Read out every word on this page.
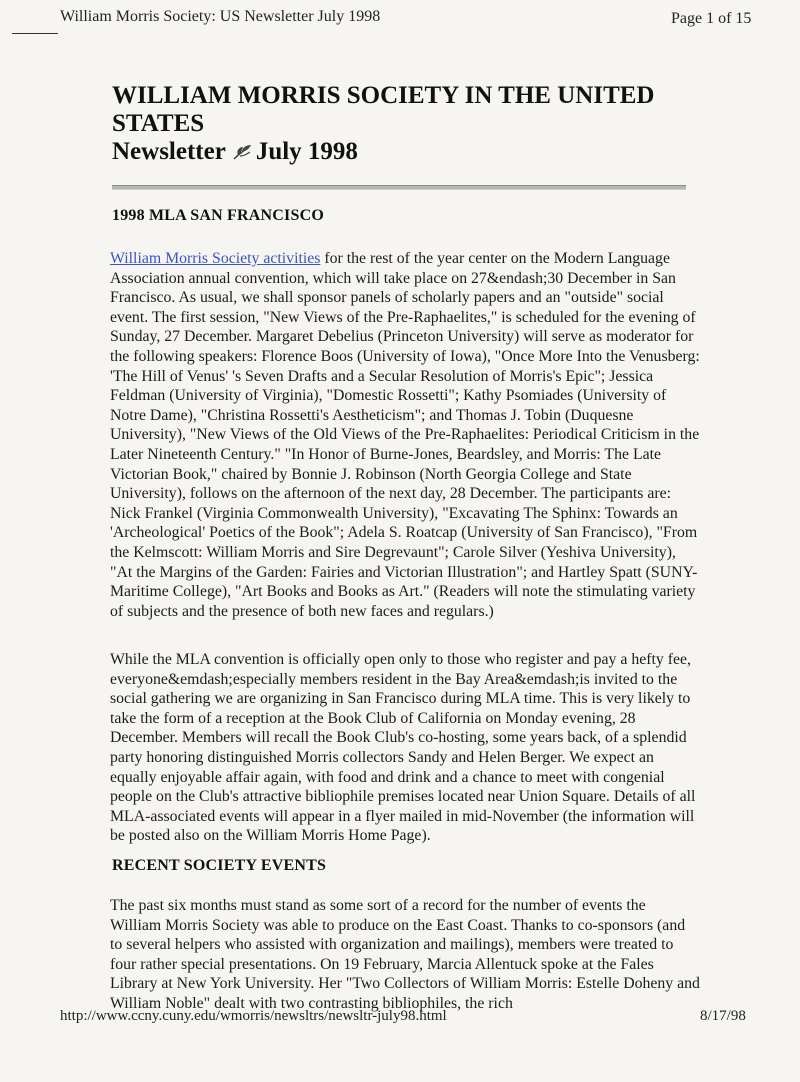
William Morris Society: US Newsletter July 1998	Page 1 of 15
WILLIAM MORRIS SOCIETY IN THE UNITED STATES

Newsletter July 1998
1998 MLA SAN FRANCISCO

William Morris Society activities for the rest of the year center on the Modern Language Association annual convention, which will take place on 27&endash;30 December in San Francisco. As usual, we shall sponsor panels of scholarly papers and an "outside" social event. The first session, "New Views of the Pre-Raphaelites," is scheduled for the evening of Sunday, 27 December. Margaret Debelius (Princeton University) will serve as moderator for the following speakers: Florence Boos (University of Iowa), "Once More Into the Venusberg: 'The Hill of Venus' 's Seven Drafts and a Secular Resolution of Morris's Epic"; Jessica Feldman (University of Virginia), "Domestic Rossetti"; Kathy Psomiades (University of Notre Dame), "Christina Rossetti's Aestheticism"; and Thomas J. Tobin (Duquesne University), "New Views of the Old Views of the Pre-Raphaelites: Periodical Criticism in the Later Nineteenth Century." "In Honor of Burne-Jones, Beardsley, and Morris: The Late Victorian Book," chaired by Bonnie J. Robinson (North Georgia College and State University), follows on the afternoon of the next day, 28 December. The participants are: Nick Frankel (Virginia Commonwealth University), "Excavating The Sphinx: Towards an 'Archeological' Poetics of the Book"; Adela S. Roatcap (University of San Francisco), "From the Kelmscott: William Morris and Sire Degrevaunt"; Carole Silver (Yeshiva University), "At the Margins of the Garden: Fairies and Victorian Illustration"; and Hartley Spatt (SUNY-Maritime College), "Art Books and Books as Art." (Readers will note the stimulating variety of subjects and the presence of both new faces and regulars.)

While the MLA convention is officially open only to those who register and pay a hefty fee, everyone&emdash;especially members resident in the Bay Area&emdash;is invited to the social gathering we are organizing in San Francisco during MLA time. This is very likely to take the form of a reception at the Book Club of California on Monday evening, 28 December. Members will recall the Book Club's co-hosting, some years back, of a splendid party honoring distinguished Morris collectors Sandy and Helen Berger. We expect an equally enjoyable affair again, with food and drink and a chance to meet with congenial people on the Club's attractive bibliophile premises located near Union Square. Details of all MLA-associated events will appear in a flyer mailed in mid-November (the information will be posted also on the William Morris Home Page).

RECENT SOCIETY EVENTS

The past six months must stand as some sort of a record for the number of events the William Morris Society was able to produce on the East Coast. Thanks to co-sponsors (and to several helpers who assisted with organization and mailings), members were treated to four rather special presentations. On 19 February, Marcia Allentuck spoke at the Fales Library at New York University. Her "Two Collectors of William Morris: Estelle Doheny and William Noble" dealt with two contrasting bibliophiles, the rich

http://www.ccny.cuny.edu/wmorris/newsltrs/newsltr-july98.html	8/17/98
